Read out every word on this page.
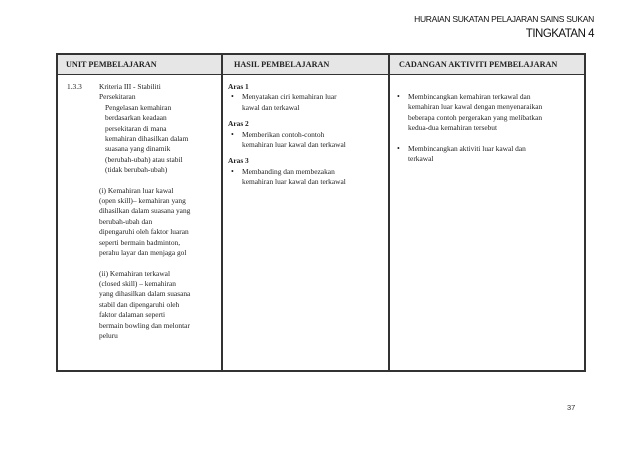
HURAIAN SUKATAN PELAJARAN SAINS SUKAN
TINGKATAN 4
UNIT PEMBELAJARAN	HASIL PEMBELAJARAN	CADANGAN AKTIVITI PEMBELAJARAN
1.3.3 Kriteria III - Stabiliti

Persekitaran

Pengelasan kemahiran

berdasarkan keadaan

persekitaran di mana

kemahiran dihasilkan dalam

suasana yang dinamik

(berubah-ubah) atau stabil

(tidak berubah-ubah)

(i) Kemahiran luar kawal

(open skill)– kemahiran yang

dihasilkan dalam suasana yang

berubah-ubah dan

dipengaruhi oleh faktor luaran

seperti bermain badminton,

perahu layar dan menjaga gol

(ii) Kemahiran terkawal

(closed skill) – kemahiran

yang dihasilkan dalam suasana

stabil dan dipengaruhi oleh

faktor dalaman seperti

bermain bowling dan melontar

peluru

Aras 1

• Menyatakan ciri kemahiran luar

kawal dan terkawal

Aras 2

• Memberikan contoh-contoh

kemahiran luar kawal dan terkawal

Aras 3

• Membanding dan membezakan

kemahiran luar kawal dan terkawal

• Membincangkan kemahiran terkawal dan

kemahiran luar kawal dengan menyenaraikan

beberapa contoh pergerakan yang melibatkan

kedua-dua kemahiran tersebut

• Membincangkan aktiviti luar kawal dan

terkawal

37
